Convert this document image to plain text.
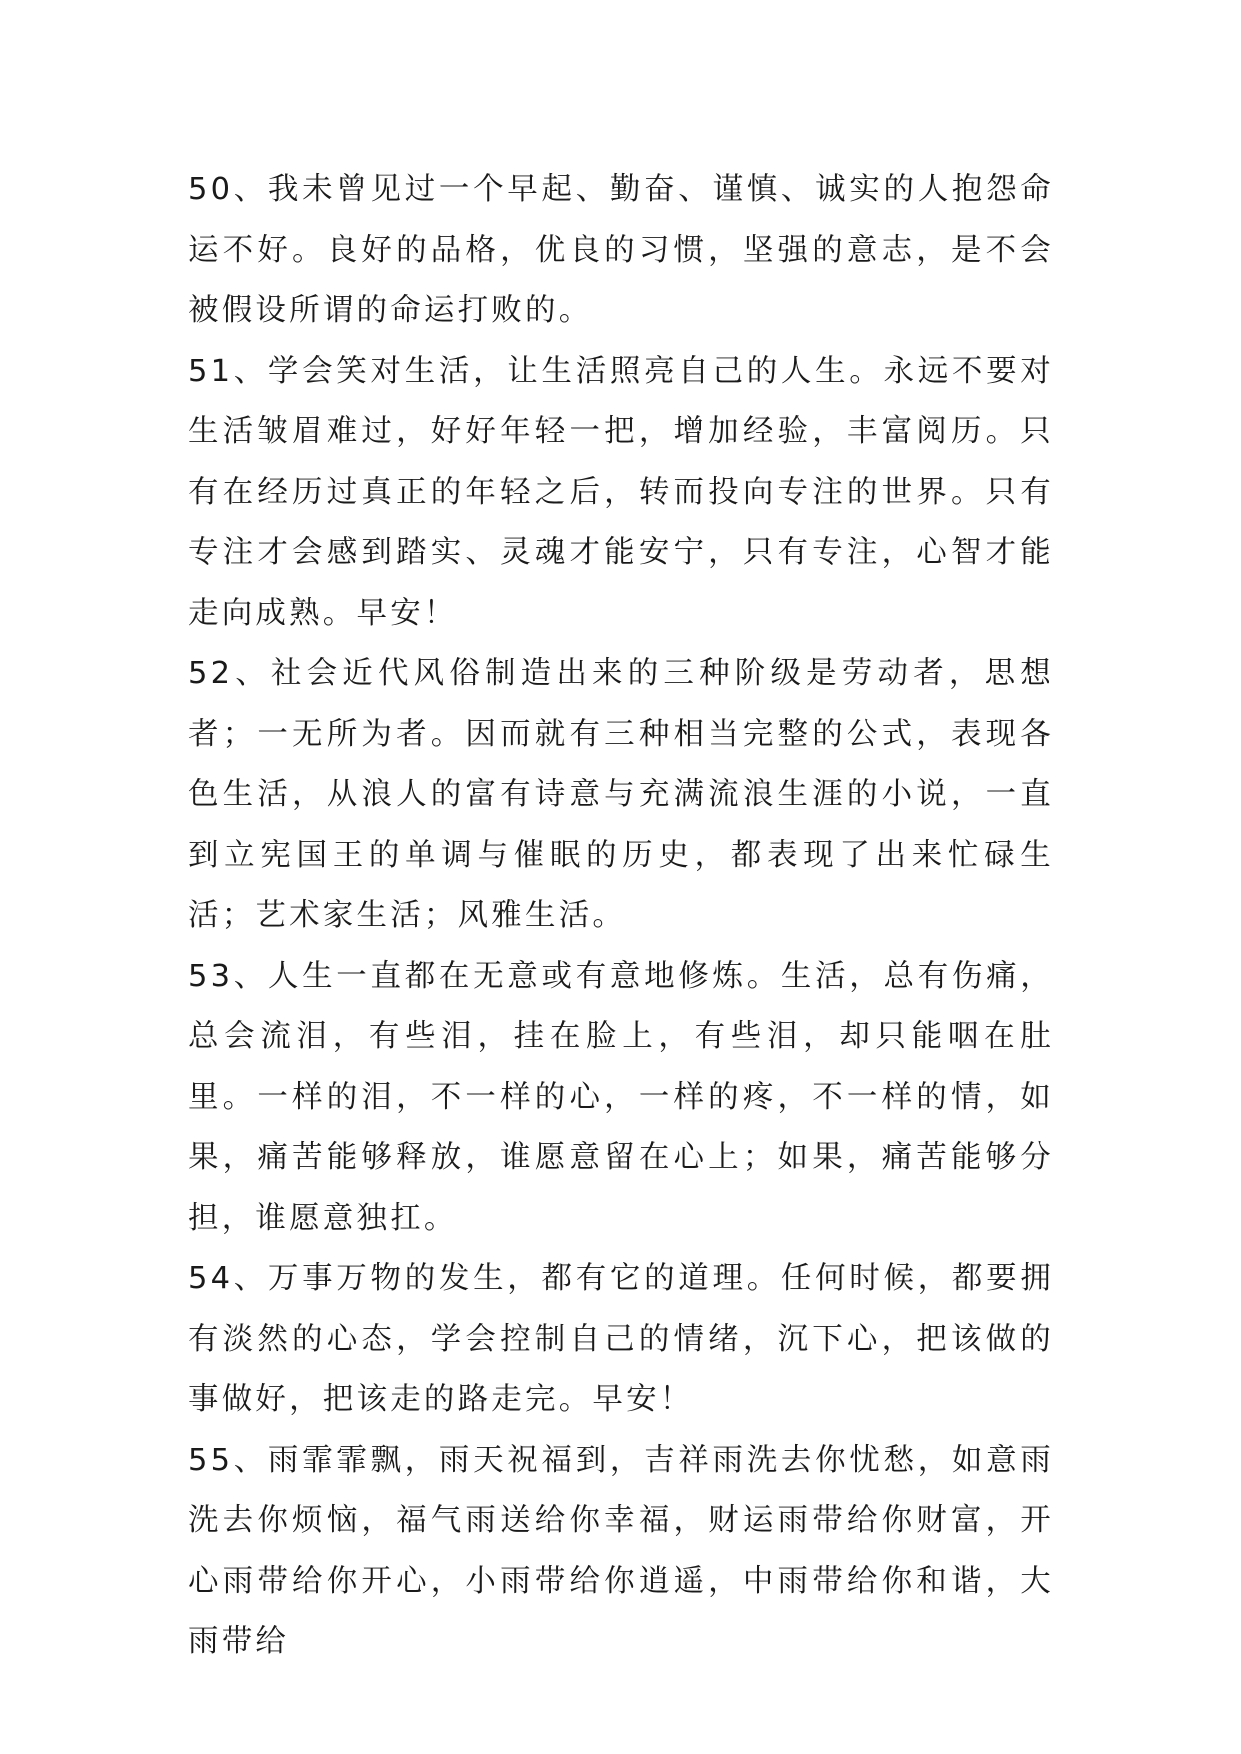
50、我未曾见过一个早起、勤奋、谨慎、诚实的人抱怨命运不好。良好的品格，优良的习惯，坚强的意志，是不会被假设所谓的命运打败的。

51、学会笑对生活，让生活照亮自己的人生。永远不要对生活皱眉难过，好好年轻一把，增加经验，丰富阅历。只有在经历过真正的年轻之后，转而投向专注的世界。只有专注才会感到踏实、灵魂才能安宁，只有专注，心智才能走向成熟。早安！

52、社会近代风俗制造出来的三种阶级是劳动者，思想者；一无所为者。因而就有三种相当完整的公式，表现各色生活，从浪人的富有诗意与充满流浪生涯的小说，一直到立宪国王的单调与催眠的历史，都表现了出来忙碌生活；艺术家生活；风雅生活。

53、人生一直都在无意或有意地修炼。生活，总有伤痛，总会流泪，有些泪，挂在脸上，有些泪，却只能咽在肚里。一样的泪，不一样的心，一样的疼，不一样的情，如果，痛苦能够释放，谁愿意留在心上；如果，痛苦能够分担，谁愿意独扛。

54、万事万物的发生，都有它的道理。任何时候，都要拥有淡然的心态，学会控制自己的情绪，沉下心，把该做的事做好，把该走的路走完。早安！

55、雨霏霏飘，雨天祝福到，吉祥雨洗去你忧愁，如意雨洗去你烦恼，福气雨送给你幸福，财运雨带给你财富，开心雨带给你开心，小雨带给你逍遥，中雨带给你和谐，大雨带给
